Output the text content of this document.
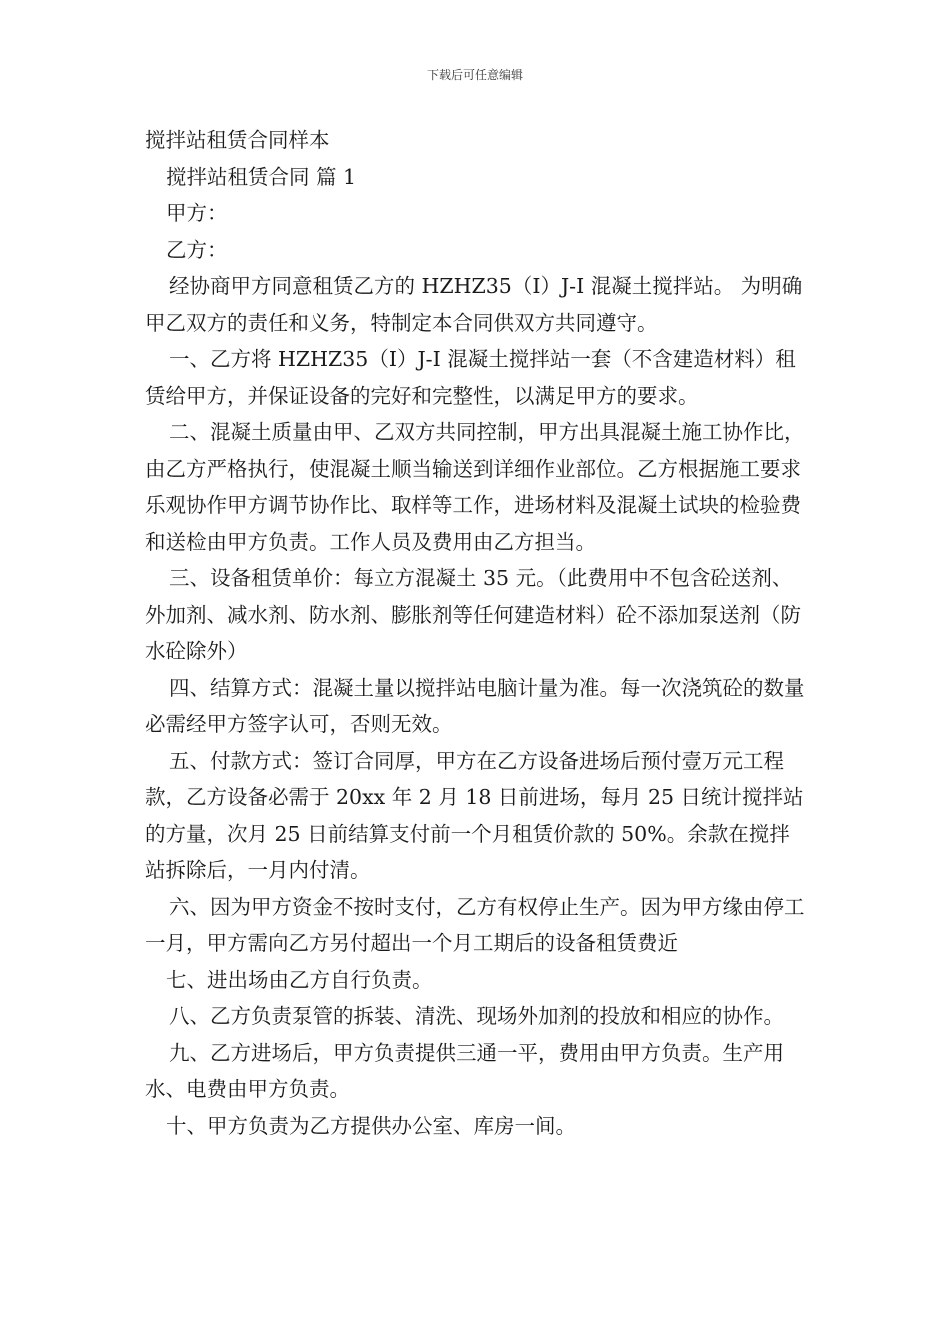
下载后可任意编辑

搅拌站租赁合同样本

搅拌站租赁合同 篇 1

甲方：

乙方：

经协商甲方同意租赁乙方的 HZHZ35（I）J-I 混凝土搅拌站。 为明确甲乙双方的责任和义务，特制定本合同供双方共同遵守。

一、乙方将 HZHZ35（I）J-I 混凝土搅拌站一套（不含建造材料）租赁给甲方，并保证设备的完好和完整性，以满足甲方的要求。

二、混凝土质量由甲、乙双方共同控制，甲方出具混凝土施工协作比，由乙方严格执行，使混凝土顺当输送到详细作业部位。乙方根据施工要求乐观协作甲方调节协作比、取样等工作，进场材料及混凝土试块的检验费和送检由甲方负责。工作人员及费用由乙方担当。

三、设备租赁单价：每立方混凝土 35 元。（此费用中不包含砼送剂、外加剂、减水剂、防水剂、膨胀剂等任何建造材料）砼不添加泵送剂（防水砼除外）

四、结算方式：混凝土量以搅拌站电脑计量为准。每一次浇筑砼的数量必需经甲方签字认可，否则无效。

五、付款方式：签订合同厚，甲方在乙方设备进场后预付壹万元工程款，乙方设备必需于 20xx 年 2 月 18 日前进场，每月 25 日统计搅拌站的方量，次月 25 日前结算支付前一个月租赁价款的 50%。余款在搅拌站拆除后，一月内付清。

六、因为甲方资金不按时支付，乙方有权停止生产。因为甲方缘由停工一月，甲方需向乙方另付超出一个月工期后的设备租赁费近

七、进出场由乙方自行负责。

八、乙方负责泵管的拆装、清洗、现场外加剂的投放和相应的协作。

九、乙方进场后，甲方负责提供三通一平，费用由甲方负责。生产用水、电费由甲方负责。

十、甲方负责为乙方提供办公室、库房一间。
